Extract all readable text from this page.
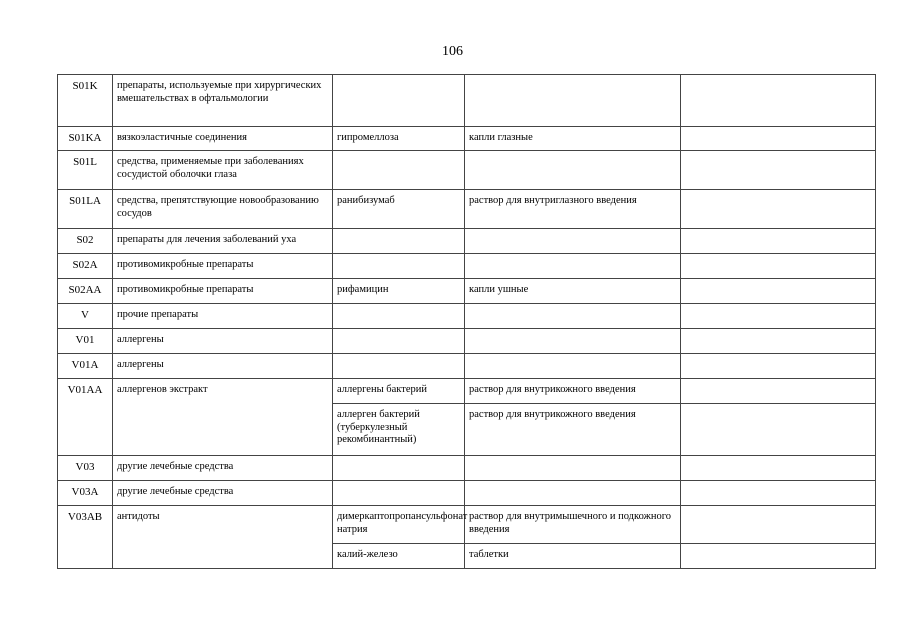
106
S01K	препараты, используемые при хирургических вмешательствах в офтальмологии			
S01KA	вязкоэластичные соединения	гипромеллоза	капли глазные	
S01L	средства, применяемые при заболеваниях сосудистой оболочки глаза			
S01LA	средства, препятствующие новообразованию сосудов	ранибизумаб	раствор для внутриглазного введения	
S02	препараты для лечения заболеваний уха			
S02A	противомикробные препараты			
S02AA	противомикробные препараты	рифамицин	капли ушные	
V	прочие препараты			
V01	аллергены			
V01A	аллергены			
V01AA	аллергенов экстракт	аллергены бактерий	раствор для внутрикожного введения	
		аллерген бактерий (туберкулезный рекомбинантный)	раствор для внутрикожного введения	
V03	другие лечебные средства			
V03A	другие лечебные средства			
V03AB	антидоты	димеркаптопропансульфонат натрия	раствор для внутримышечного и подкожного введения	
		калий-железо	таблетки	
